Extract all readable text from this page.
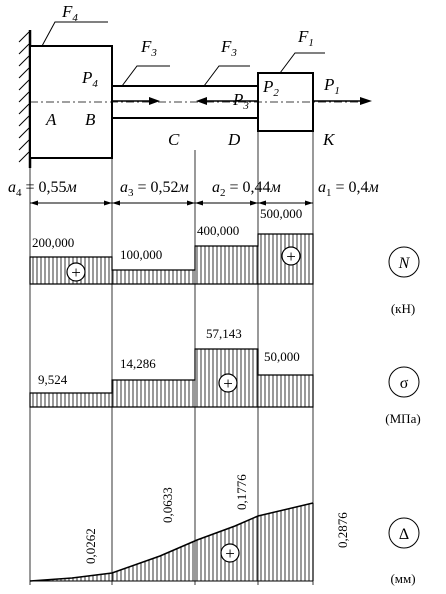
$F_4$
$F_3$	$F_3$
$F_1$
$P_4$
$P_3$
$P_2$	$P_1$
A B
C	D	K
$a_4 = 0,55м$	$a_3 = 0,52м$ $a_2 = 0,44м$ $a_1 = 0,4м$
200,000
100,000
400,000
500,000
+
+	N
(кН)
9,524
14,286
57,143
50,000
+	σ
(МПа)
0,0262
0,0633	0,1776
0,2876
+
Δ
(мм)
